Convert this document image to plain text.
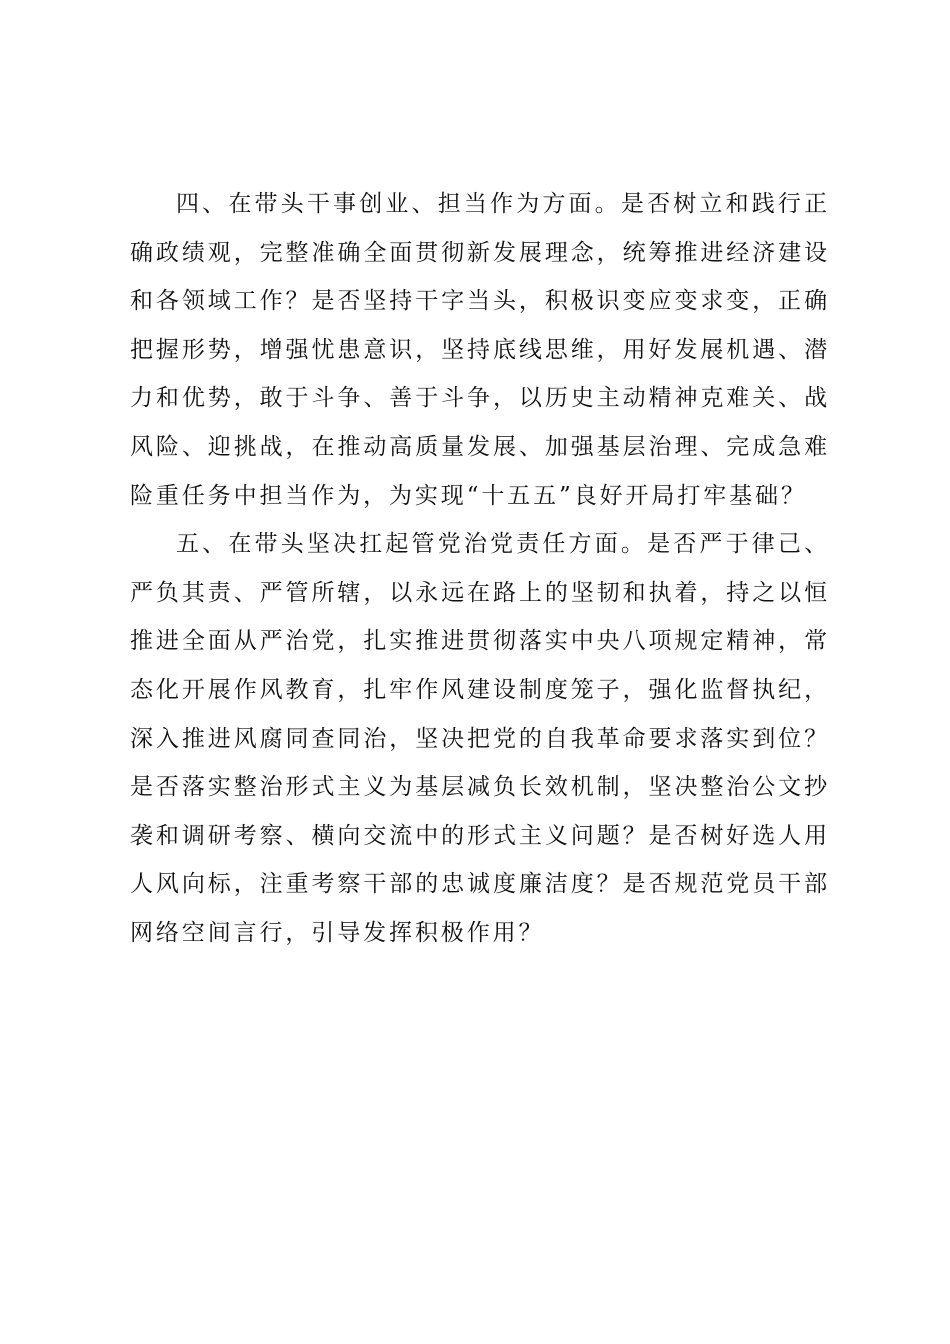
四、在带头干事创业、担当作为方面。是否树立和践行正确政绩观，完整准确全面贯彻新发展理念，统筹推进经济建设和各领域工作？是否坚持干字当头，积极识变应变求变，正确把握形势，增强忧患意识，坚持底线思维，用好发展机遇、潜力和优势，敢于斗争、善于斗争，以历史主动精神克难关、战风险、迎挑战，在推动高质量发展、加强基层治理、完成急难险重任务中担当作为，为实现“十五五”良好开局打牢基础？

五、在带头坚决扛起管党治党责任方面。是否严于律己、严负其责、严管所辖，以永远在路上的坚韧和执着，持之以恒推进全面从严治党，扎实推进贯彻落实中央八项规定精神，常态化开展作风教育，扎牢作风建设制度笼子，强化监督执纪，深入推进风腐同查同治，坚决把党的自我革命要求落实到位？是否落实整治形式主义为基层减负长效机制，坚决整治公文抄袭和调研考察、横向交流中的形式主义问题？是否树好选人用人风向标，注重考察干部的忠诚度廉洁度？是否规范党员干部网络空间言行，引导发挥积极作用？
